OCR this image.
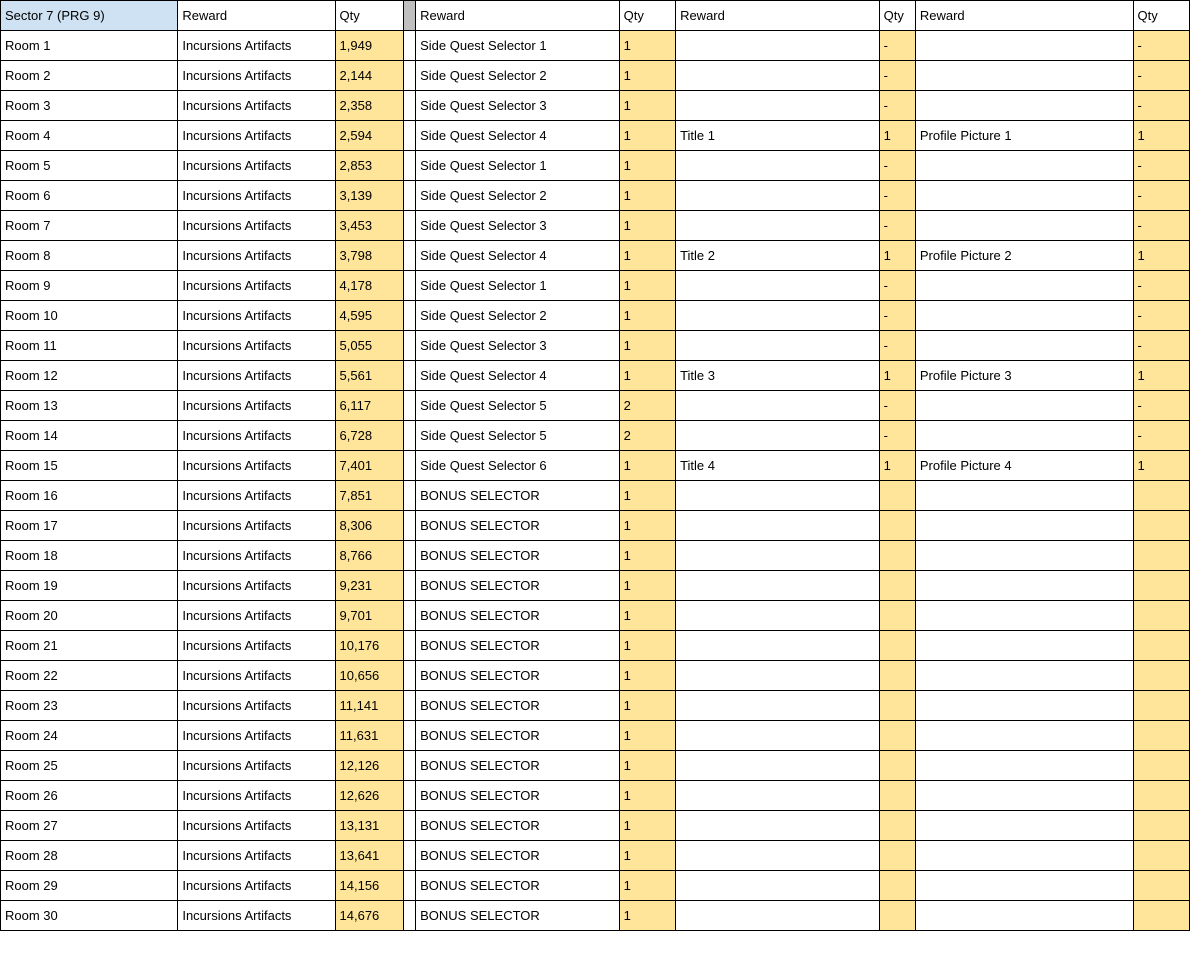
Sector 7 (PRG 9)	Reward	Qty		Reward	Qty	Reward	Qty	Reward	Qty
Room 1	Incursions Artifacts	1,949		Side Quest Selector 1	1		-		-
Room 2	Incursions Artifacts	2,144		Side Quest Selector 2	1		-		-
Room 3	Incursions Artifacts	2,358		Side Quest Selector 3	1		-		-
Room 4	Incursions Artifacts	2,594		Side Quest Selector 4	1	Title 1	1	Profile Picture 1	1
Room 5	Incursions Artifacts	2,853		Side Quest Selector 1	1		-		-
Room 6	Incursions Artifacts	3,139		Side Quest Selector 2	1		-		-
Room 7	Incursions Artifacts	3,453		Side Quest Selector 3	1		-		-
Room 8	Incursions Artifacts	3,798		Side Quest Selector 4	1	Title 2	1	Profile Picture 2	1
Room 9	Incursions Artifacts	4,178		Side Quest Selector 1	1		-		-
Room 10	Incursions Artifacts	4,595		Side Quest Selector 2	1		-		-
Room 11	Incursions Artifacts	5,055		Side Quest Selector 3	1		-		-
Room 12	Incursions Artifacts	5,561		Side Quest Selector 4	1	Title 3	1	Profile Picture 3	1
Room 13	Incursions Artifacts	6,117		Side Quest Selector 5	2		-		-
Room 14	Incursions Artifacts	6,728		Side Quest Selector 5	2		-		-
Room 15	Incursions Artifacts	7,401		Side Quest Selector 6	1	Title 4	1	Profile Picture 4	1
Room 16	Incursions Artifacts	7,851		BONUS SELECTOR	1				
Room 17	Incursions Artifacts	8,306		BONUS SELECTOR	1				
Room 18	Incursions Artifacts	8,766		BONUS SELECTOR	1				
Room 19	Incursions Artifacts	9,231		BONUS SELECTOR	1				
Room 20	Incursions Artifacts	9,701		BONUS SELECTOR	1				
Room 21	Incursions Artifacts	10,176		BONUS SELECTOR	1				
Room 22	Incursions Artifacts	10,656		BONUS SELECTOR	1				
Room 23	Incursions Artifacts	11,141		BONUS SELECTOR	1				
Room 24	Incursions Artifacts	11,631		BONUS SELECTOR	1				
Room 25	Incursions Artifacts	12,126		BONUS SELECTOR	1				
Room 26	Incursions Artifacts	12,626		BONUS SELECTOR	1				
Room 27	Incursions Artifacts	13,131		BONUS SELECTOR	1				
Room 28	Incursions Artifacts	13,641		BONUS SELECTOR	1				
Room 29	Incursions Artifacts	14,156		BONUS SELECTOR	1				
Room 30	Incursions Artifacts	14,676		BONUS SELECTOR	1				
